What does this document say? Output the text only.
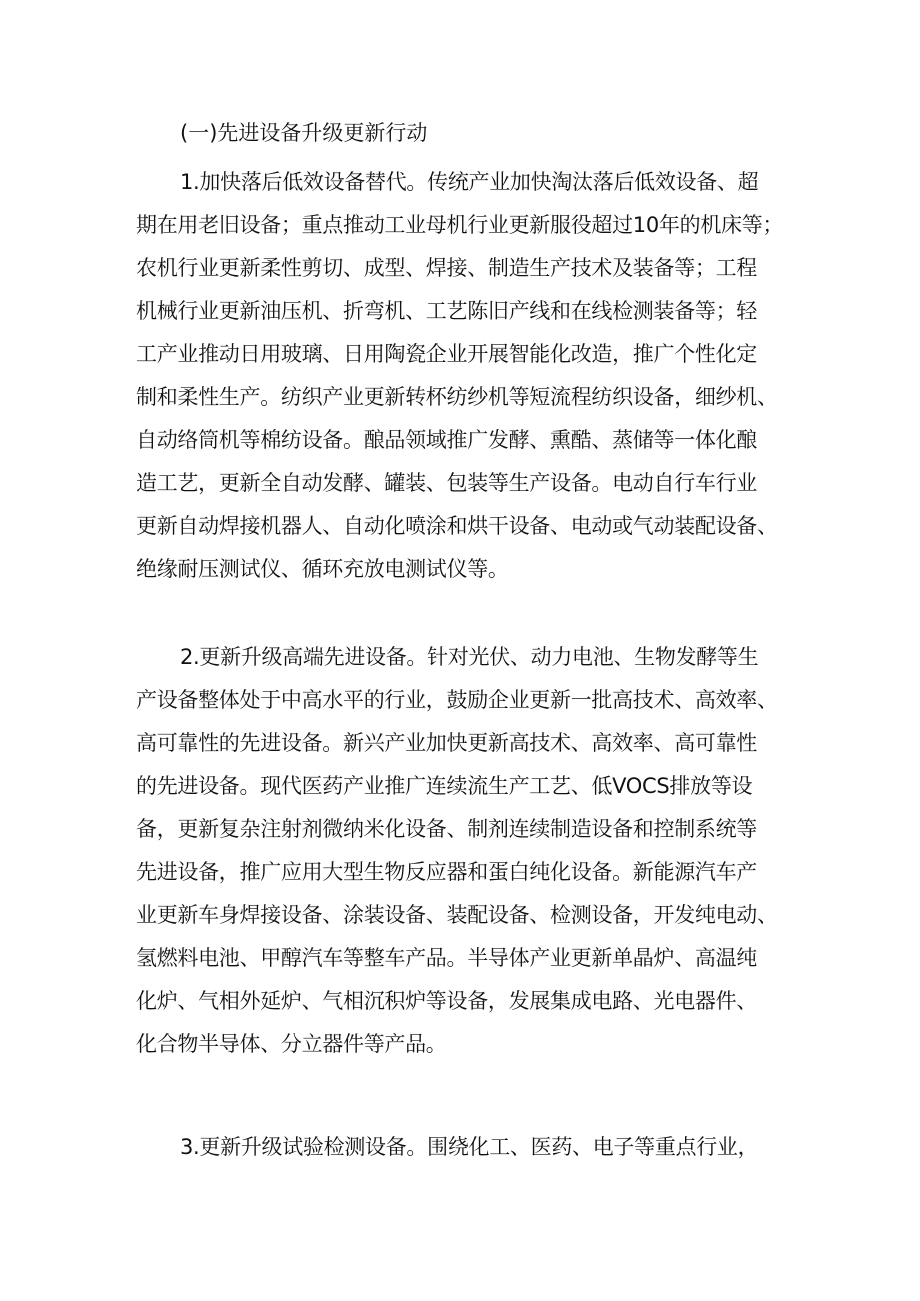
(一)先进设备升级更新行动
1.加快落后低效设备替代。传统产业加快淘汰落后低效设备、超
期在用老旧设备；重点推动工业母机行业更新服役超过10年的机床等；
农机行业更新柔性剪切、成型、焊接、制造生产技术及装备等；工程
机械行业更新油压机、折弯机、工艺陈旧产线和在线检测装备等；轻
工产业推动日用玻璃、日用陶瓷企业开展智能化改造，推广个性化定
制和柔性生产。纺织产业更新转杯纺纱机等短流程纺织设备，细纱机、
自动络筒机等棉纺设备。酿品领域推广发酵、熏酷、蒸储等一体化酿
造工艺，更新全自动发酵、罐装、包装等生产设备。电动自行车行业
更新自动焊接机器人、自动化喷涂和烘干设备、电动或气动装配设备、
绝缘耐压测试仪、循环充放电测试仪等。
2.更新升级高端先进设备。针对光伏、动力电池、生物发酵等生
产设备整体处于中高水平的行业，鼓励企业更新一批高技术、高效率、
高可靠性的先进设备。新兴产业加快更新高技术、高效率、高可靠性
的先进设备。现代医药产业推广连续流生产工艺、低VOCS排放等设
备，更新复杂注射剂微纳米化设备、制剂连续制造设备和控制系统等
先进设备，推广应用大型生物反应器和蛋白纯化设备。新能源汽车产
业更新车身焊接设备、涂装设备、装配设备、检测设备，开发纯电动、
氢燃料电池、甲醇汽车等整车产品。半导体产业更新单晶炉、高温纯
化炉、气相外延炉、气相沉积炉等设备，发展集成电路、光电器件、
化合物半导体、分立器件等产品。
3.更新升级试验检测设备。围绕化工、医药、电子等重点行业，
